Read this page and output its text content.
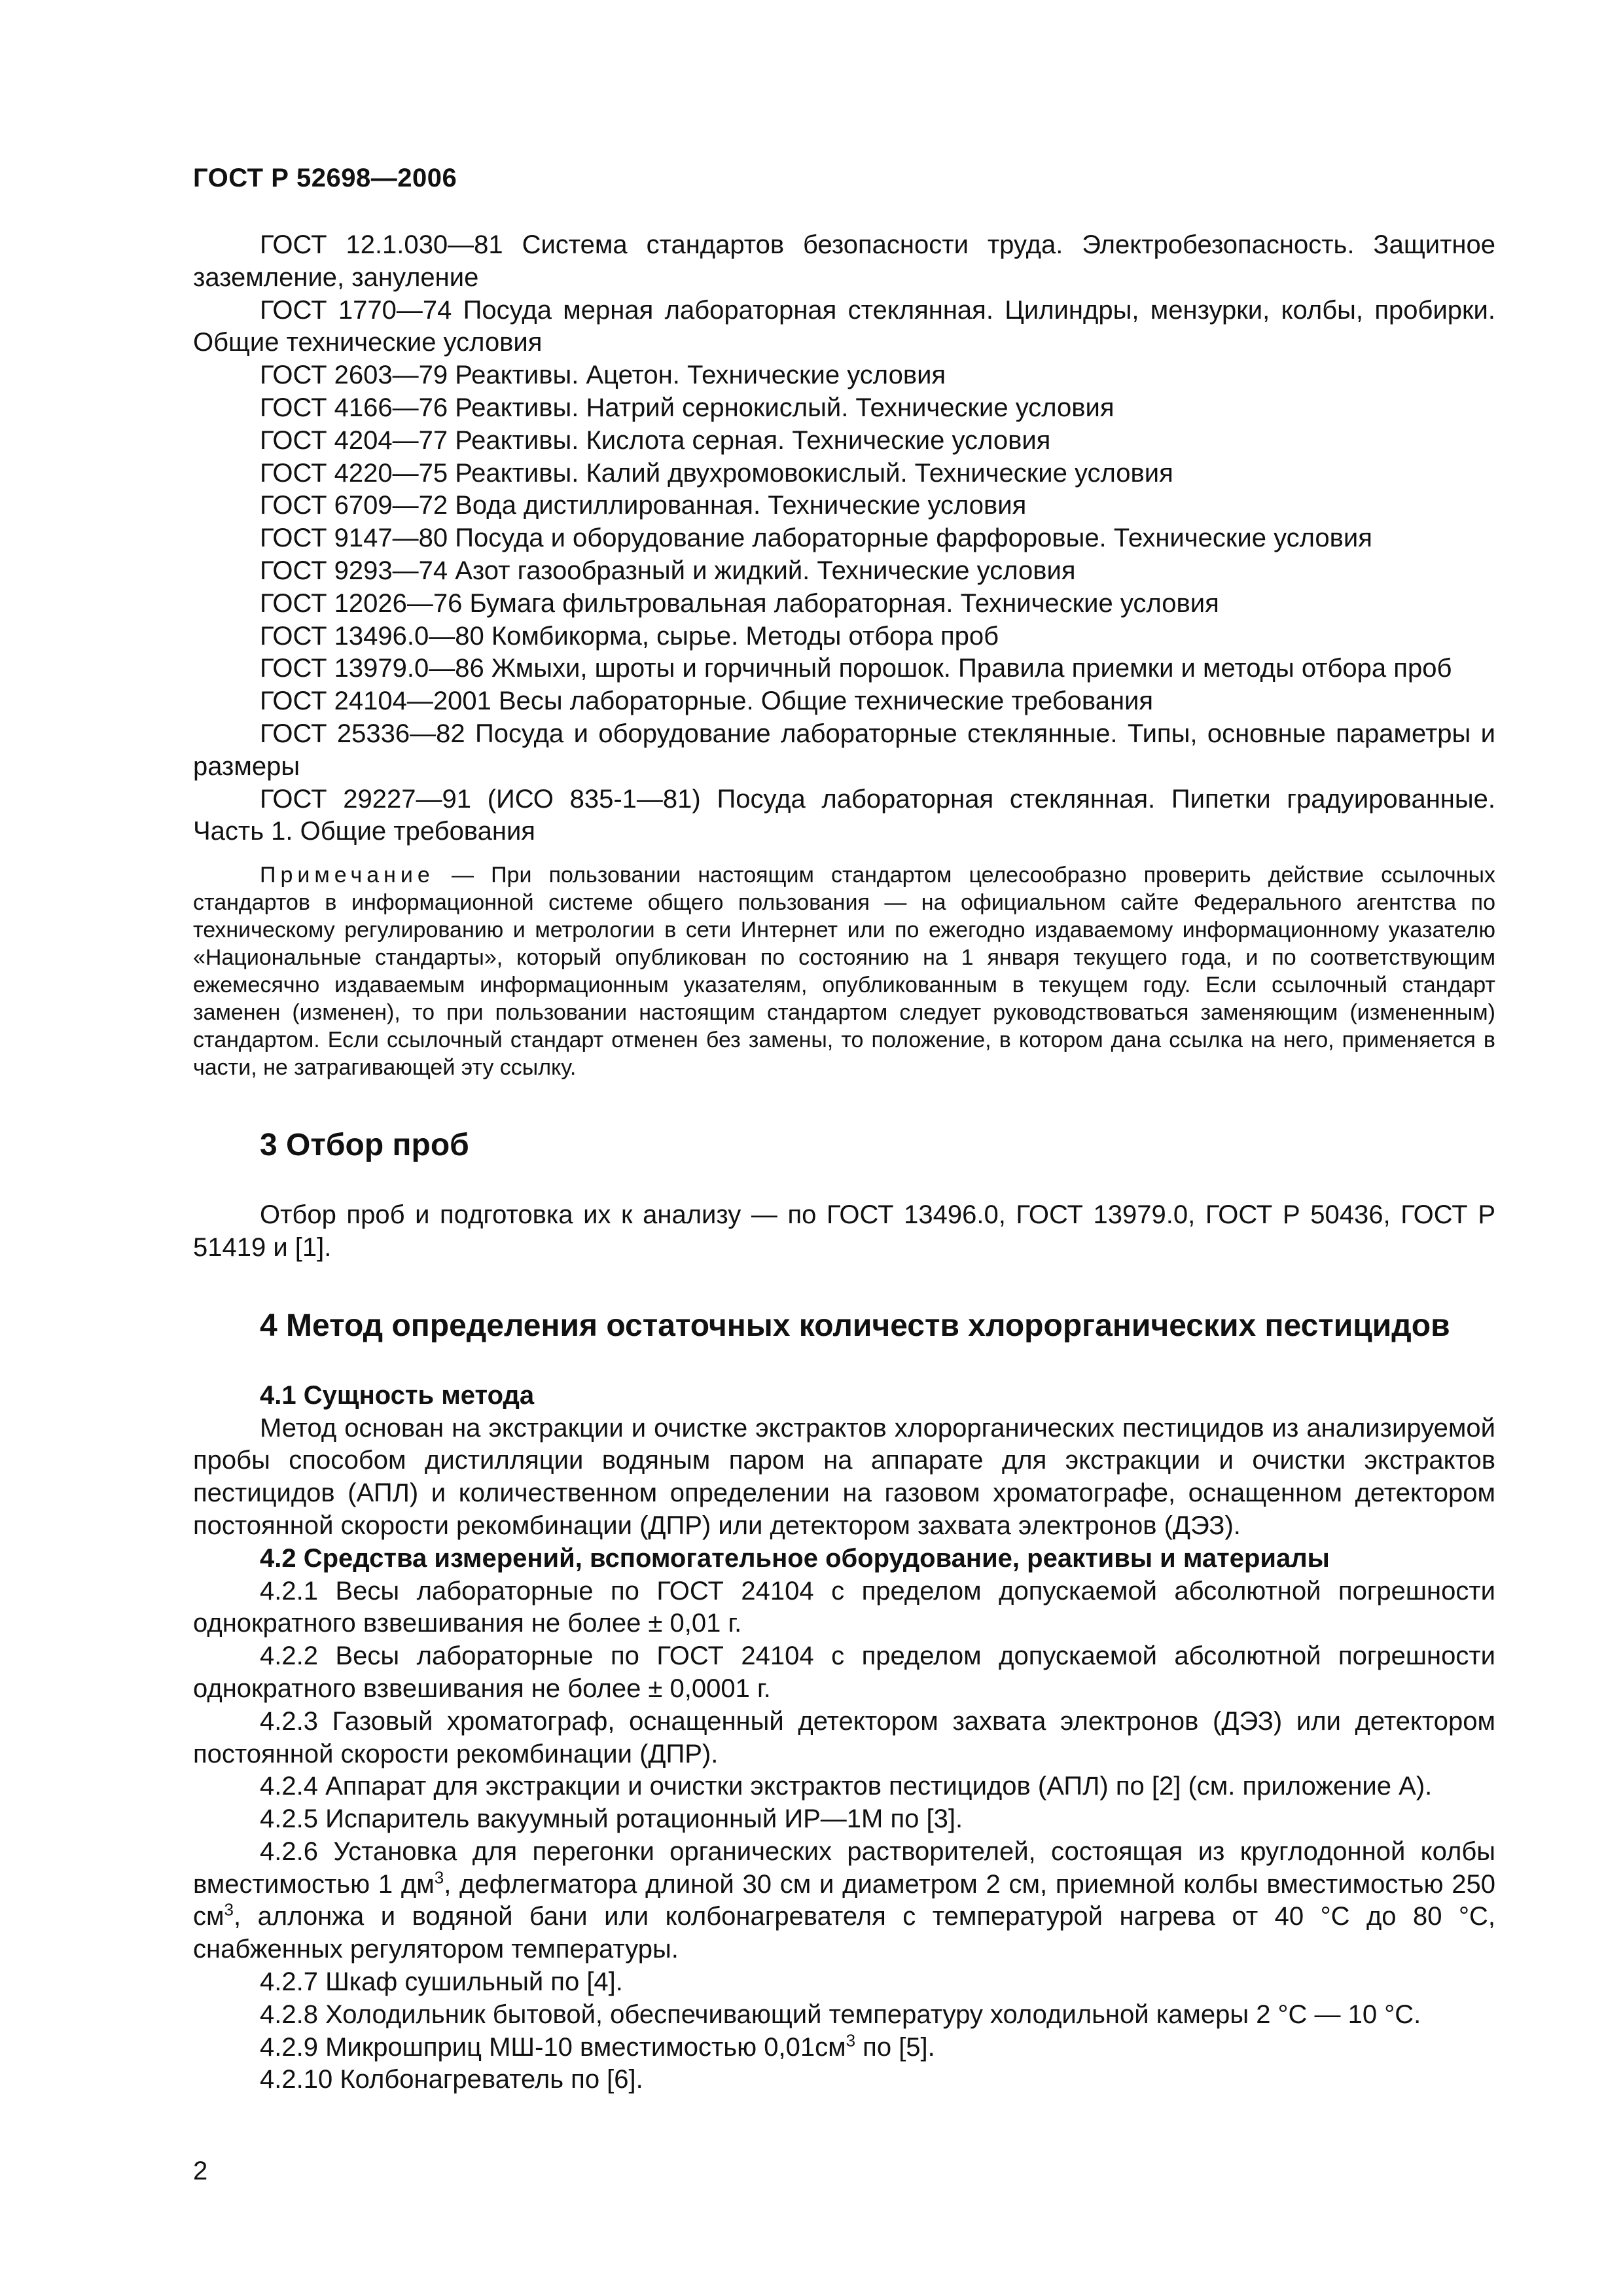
ГОСТ Р 52698—2006

ГОСТ 12.1.030—81 Система стандартов безопасности труда. Электробезопасность. Защитное заземление, зануление

ГОСТ 1770—74 Посуда мерная лабораторная стеклянная. Цилиндры, мензурки, колбы, пробирки. Общие технические условия

ГОСТ 2603—79 Реактивы. Ацетон. Технические условия

ГОСТ 4166—76 Реактивы. Натрий сернокислый. Технические условия

ГОСТ 4204—77 Реактивы. Кислота серная. Технические условия

ГОСТ 4220—75 Реактивы. Калий двухромовокислый. Технические условия

ГОСТ 6709—72 Вода дистиллированная. Технические условия

ГОСТ 9147—80 Посуда и оборудование лабораторные фарфоровые. Технические условия

ГОСТ 9293—74 Азот газообразный и жидкий. Технические условия

ГОСТ 12026—76 Бумага фильтровальная лабораторная. Технические условия

ГОСТ 13496.0—80 Комбикорма, сырье. Методы отбора проб

ГОСТ 13979.0—86 Жмыхи, шроты и горчичный порошок. Правила приемки и методы отбора проб

ГОСТ 24104—2001 Весы лабораторные. Общие технические требования

ГОСТ 25336—82 Посуда и оборудование лабораторные стеклянные. Типы, основные параметры и размеры

ГОСТ 29227—91 (ИСО 835-1—81) Посуда лабораторная стеклянная. Пипетки градуированные. Часть 1. Общие требования

Примечание — При пользовании настоящим стандартом целесообразно проверить действие ссылочных стандартов в информационной системе общего пользования — на официальном сайте Федерального агентства по техническому регулированию и метрологии в сети Интернет или по ежегодно издаваемому информационному указателю «Национальные стандарты», который опубликован по состоянию на 1 января текущего года, и по соответствующим ежемесячно издаваемым информационным указателям, опубликованным в текущем году. Если ссылочный стандарт заменен (изменен), то при пользовании настоящим стандартом следует руководствоваться заменяющим (измененным) стандартом. Если ссылочный стандарт отменен без замены, то положение, в котором дана ссылка на него, применяется в части, не затрагивающей эту ссылку.

3 Отбор проб

Отбор проб и подготовка их к анализу — по ГОСТ 13496.0, ГОСТ 13979.0, ГОСТ Р 50436, ГОСТ Р 51419 и [1].

4 Метод определения остаточных количеств хлорорганических пестицидов

4.1 Сущность метода

Метод основан на экстракции и очистке экстрактов хлорорганических пестицидов из анализируемой пробы способом дистилляции водяным паром на аппарате для экстракции и очистки экстрактов пестицидов (АПЛ) и количественном определении на газовом хроматографе, оснащенном детектором постоянной скорости рекомбинации (ДПР) или детектором захвата электронов (ДЭЗ).

4.2 Средства измерений, вспомогательное оборудование, реактивы и материалы

4.2.1 Весы лабораторные по ГОСТ 24104 с пределом допускаемой абсолютной погрешности однократного взвешивания не более ± 0,01 г.

4.2.2 Весы лабораторные по ГОСТ 24104 с пределом допускаемой абсолютной погрешности однократного взвешивания не более ± 0,0001 г.

4.2.3 Газовый хроматограф, оснащенный детектором захвата электронов (ДЭЗ) или детектором постоянной скорости рекомбинации (ДПР).

4.2.4 Аппарат для экстракции и очистки экстрактов пестицидов (АПЛ) по [2] (см. приложение А).

4.2.5 Испаритель вакуумный ротационный ИР—1М по [3].

4.2.6 Установка для перегонки органических растворителей, состоящая из круглодонной колбы вместимостью 1 $дм^3$, дефлегматора длиной 30 см и диаметром 2 см, приемной колбы вместимостью 250 $см^3$, аллонжа и водяной бани или колбонагревателя с температурой нагрева от 40 °С до 80 °С, снабженных регулятором температуры.

4.2.7 Шкаф сушильный по [4].

4.2.8 Холодильник бытовой, обеспечивающий температуру холодильной камеры 2 °С — 10 °С.

4.2.9 Микрошприц МШ-10 вместимостью $0,01см^3$ по [5].

4.2.10 Колбонагреватель по [6].

2
